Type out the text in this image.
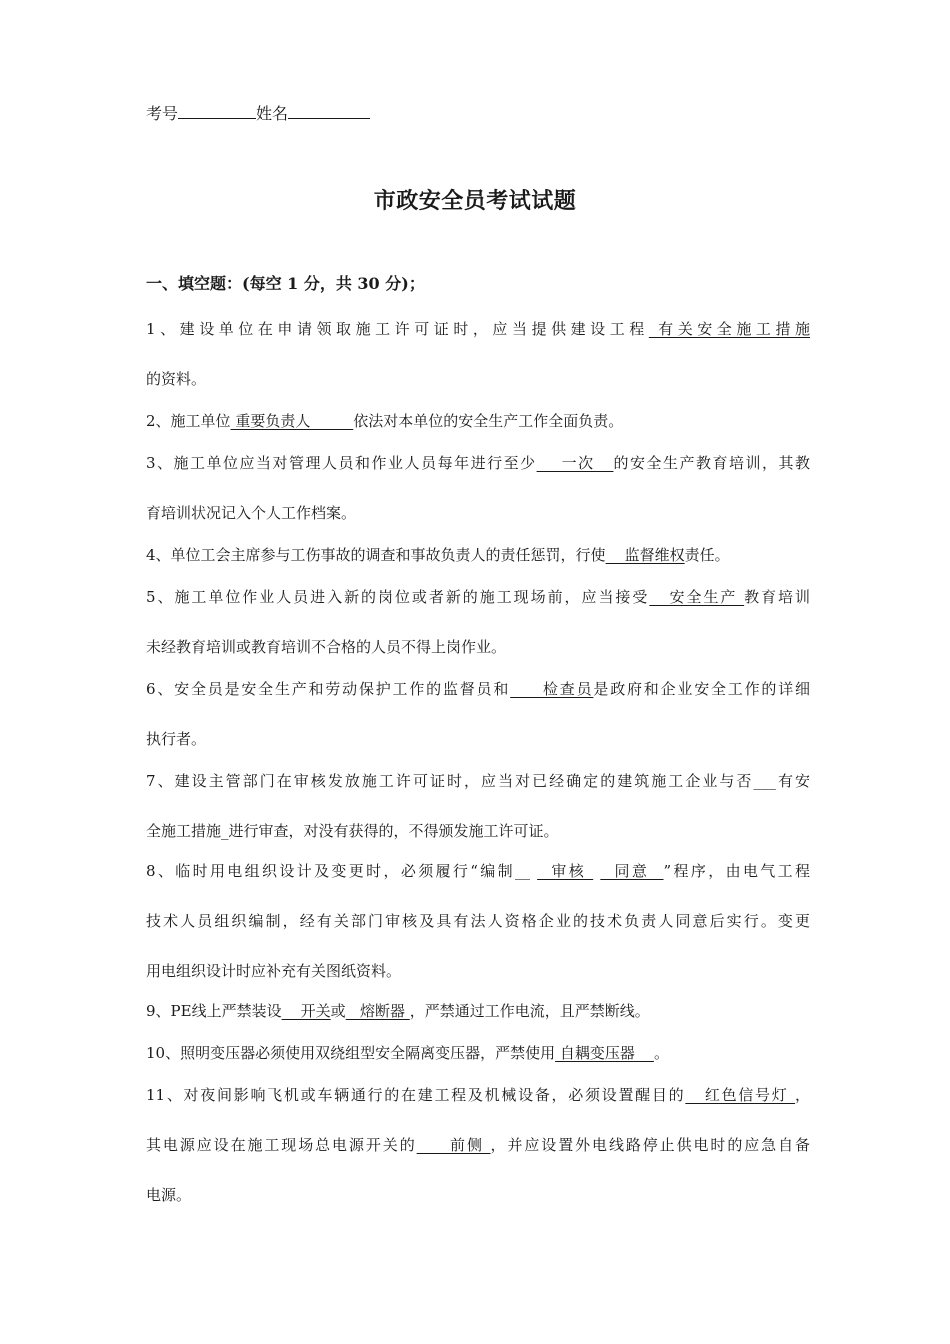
考号	姓名
市政安全员考试试题
一、填空题：(每空 1 分，共 30 分)；
1、建设单位在申请领取施工许可证时，应当提供建设工程 有关安全施工措施
的资料。
2、施工单位 重要负责人         依法对本单位的安全生产工作全面负责。
3、施工单位应当对管理人员和作业人员每年进行至少    一次   的安全生产教育培训，其教
育培训状况记入个人工作档案。
4、单位工会主席参与工伤事故的调查和事故负责人的责任惩罚，行使    监督维权责任。
5、施工单位作业人员进入新的岗位或者新的施工现场前，应当接受   安全生产 教育培训
未经教育培训或教育培训不合格的人员不得上岗作业。
6、安全员是安全生产和劳动保护工作的监督员和     检查员是政府和企业安全工作的详细
执行者。
7、建设主管部门在审核发放施工许可证时，应当对已经确定的建筑施工企业与否___有安
全施工措施_进行审查，对没有获得的，不得颁发施工许可证。
8、临时用电组织设计及变更时，必须履行“编制__   审核    同意  ”程序，由电气工程
技术人员组织编制，经有关部门审核及具有法人资格企业的技术负责人同意后实行。变更
用电组织设计时应补充有关图纸资料。
9、PE线上严禁装设    开关或   熔断器 ，严禁通过工作电流，且严禁断线。
10、照明变压器必须使用双绕组型安全隔离变压器，严禁使用 自耦变压器    。
11、对夜间影响飞机或车辆通行的在建工程及机械设备，必须设置醒目的   红色信号灯 ，
其电源应设在施工现场总电源开关的     前侧 ，并应设置外电线路停止供电时的应急自备
电源。
